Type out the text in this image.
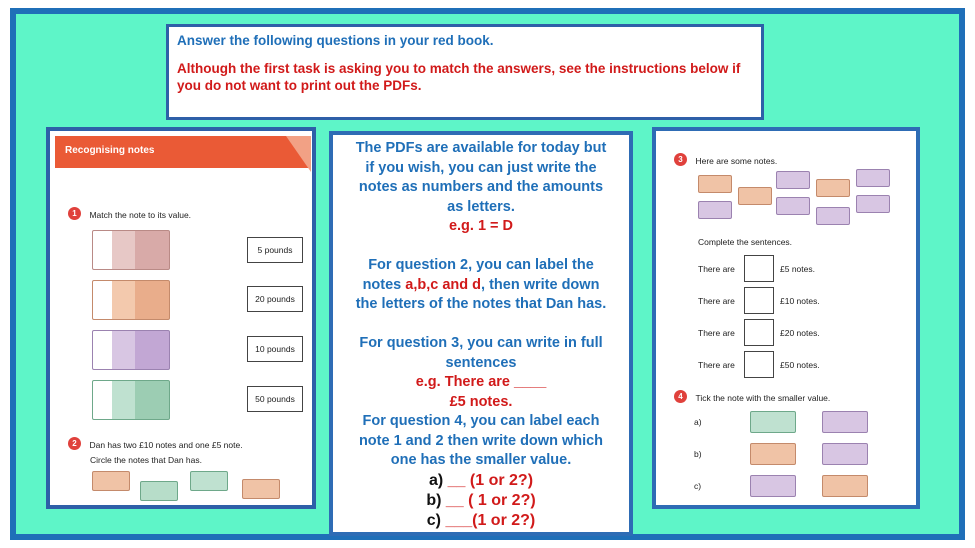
Answer the following questions in your red book.
Although the first task is asking you to match the answers, see the instructions below if you do not want to print out the PDFs.
Recognising notes
1 Match the note to its value.
5 pounds
20 pounds
10 pounds
50 pounds
2 Dan has two £10 notes and one £5 note.
Circle the notes that Dan has.
The PDFs are available for today but
if you wish, you can just write the
notes as numbers and the amounts
as letters.
e.g. 1 = D
For question 2, you can label the
notes a,b,c and d, then write down
the letters of the notes that Dan has.
For question 3, you can write in full
sentences
e.g. There are ____
£5 notes.
For question 4, you can label each
note 1 and 2 then write down which
one has the smaller value.
a) __ (1 or 2?)
b) __ ( 1 or 2?)
c) ___(1 or 2?)
3 Here are some notes.
Complete the sentences.
There are	£5 notes.
There are	£10 notes.
There are	£20 notes.
There are	£50 notes.
4 Tick the note with the smaller value.
a)
b)
c)
